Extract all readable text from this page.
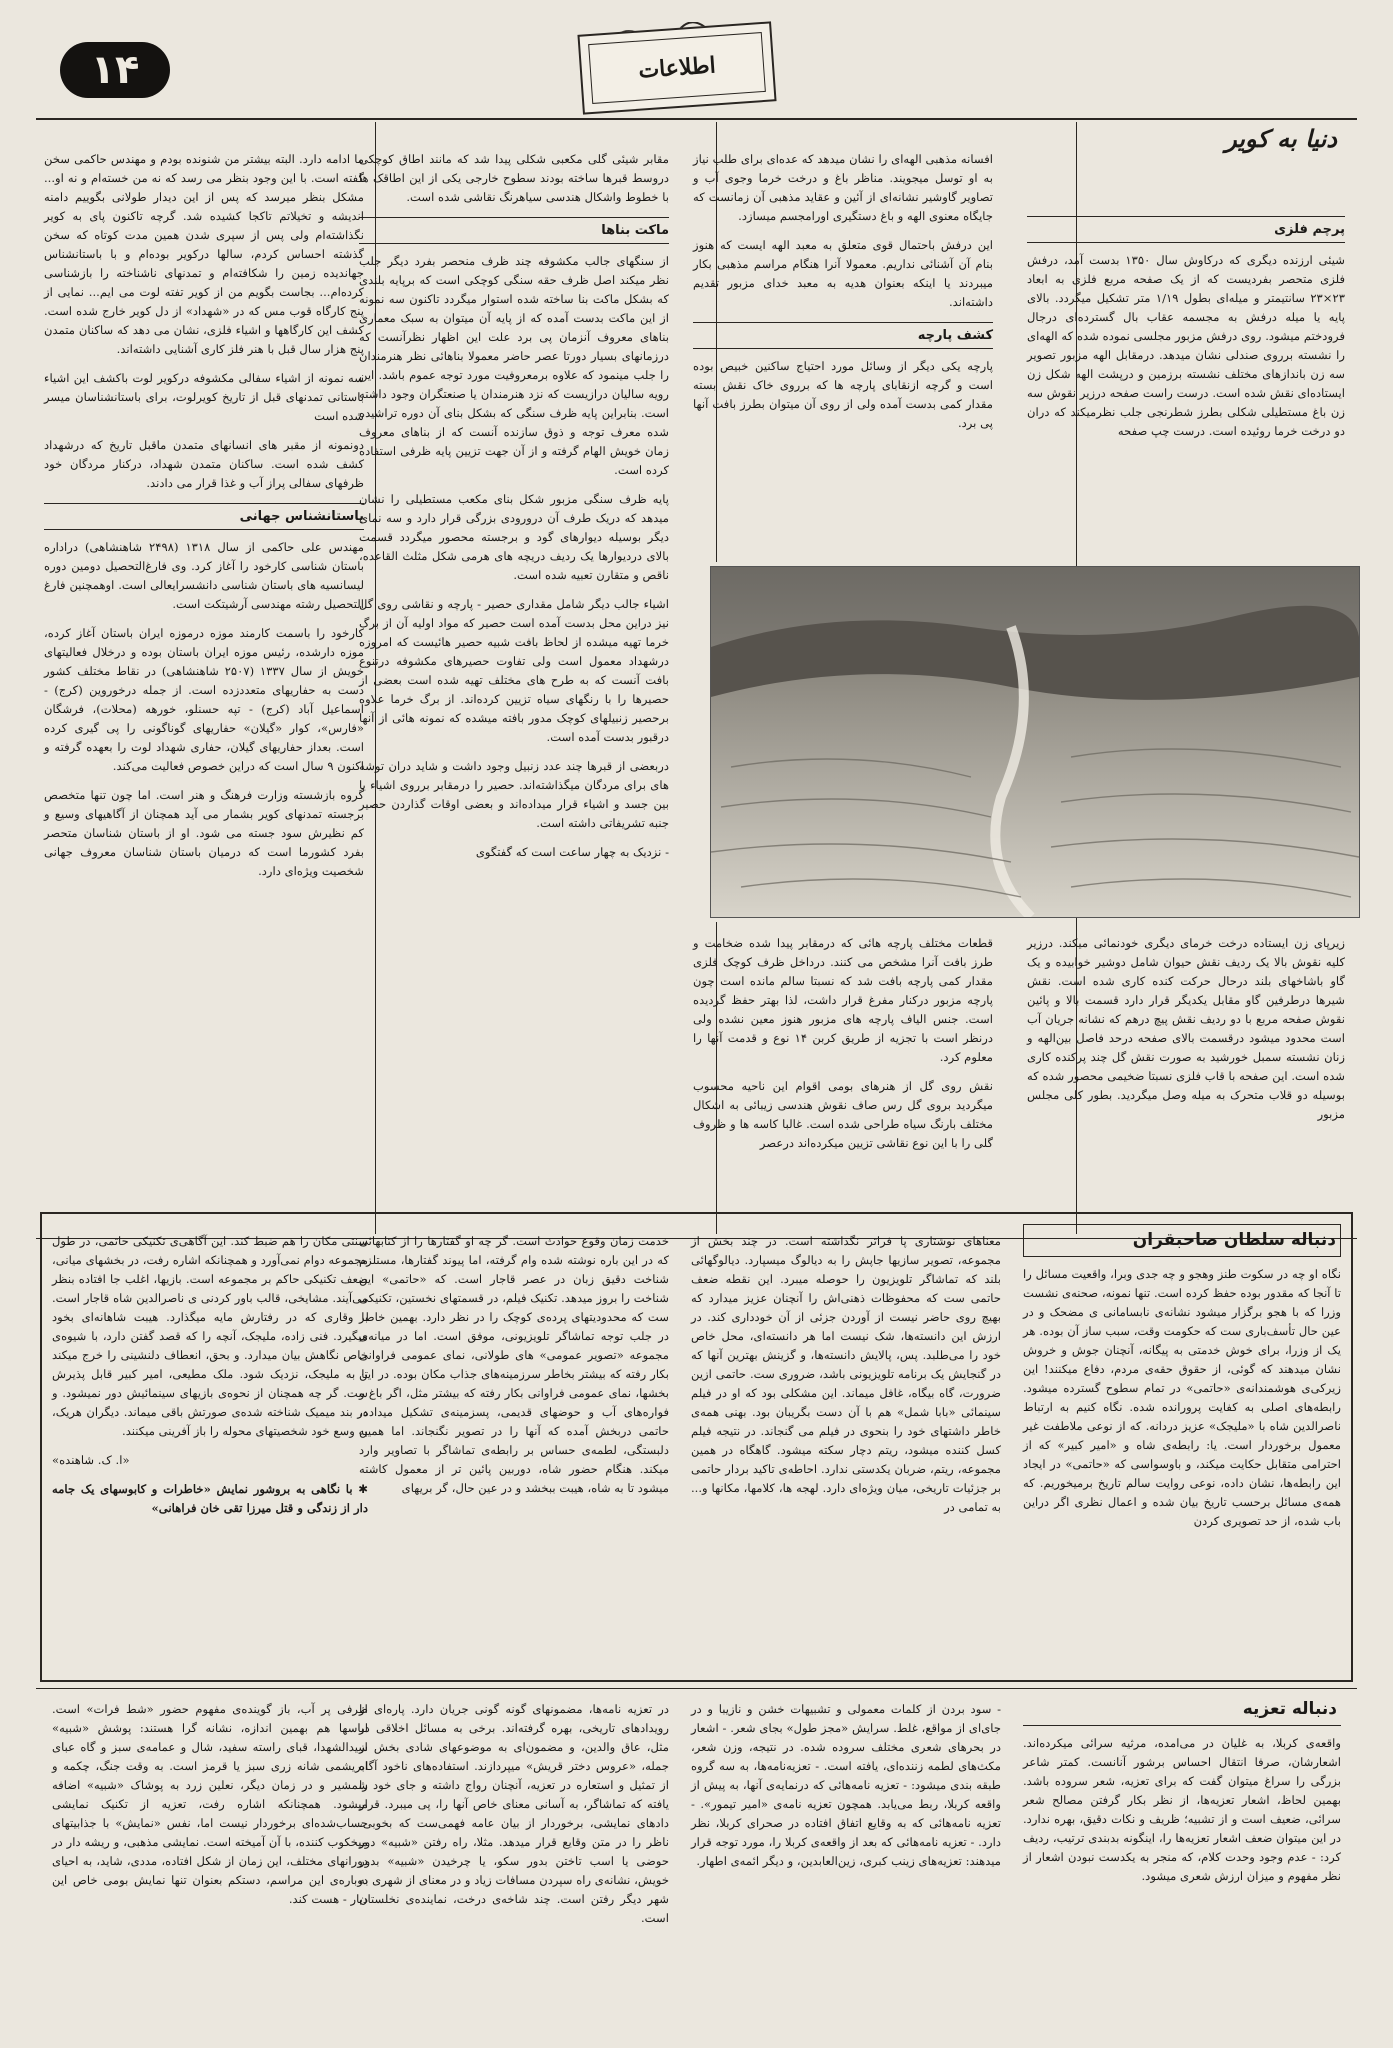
۱۴	اطلاعات
دنیا به کویر
پرچم فلزی

شیئی ارزنده دیگری که درکاوش سال ۱۳۵۰ بدست آمد، درفش فلزی متحصر بفردیست که از یک صفحه مربع فلزی به ابعاد ۲۳×۲۳ سانتیمتر و میله‌ای بطول ۱/۱۹ متر تشکیل میگردد. بالای پایه یا میله درفش به مجسمه عقاب بال گسترده‌ای درجال فرودختم میشود. روی درفش مزبور مجلسی نموده شده که الهه‌ای را نشسته برروی صندلی نشان میدهد. درمقابل الهه مزبور تصویر سه زن بانداز‌های مختلف نشسته برزمین و درپشت الهه شکل زن ایستاده‌ای نقش شده است. درست راست صفحه درزیر نقوش سه زن باغ مستطیلی شکلی بطرز شطرنجی جلب نظرمیکند که دران دو درخت خرما روئیده است. درست چپ صفحه

زیرپای زن ایستاده درخت خرمای دیگری خودنمائی میکند. درزیر کلیه نقوش بالا یک ردیف نقش حیوان شامل دوشیر خوابیده و یک گاو باشاخهای بلند درحال حرکت کنده کاری شده است. نقش شیرها درطرفین گاو مقابل یکدیگر قرار دارد قسمت بالا و پائین نقوش صفحه مربع با دو ردیف نقش پیچ درهم که نشانه جریان آب است محدود میشود درقسمت بالای صفحه درحد فاصل بین‌الهه و زنان نشسته سمبل خورشید به صورت نقش گل چند پرکنده کاری شده است. این صفحه با قاب فلزی نسبتا ضخیمی محصور شده که بوسیله دو قلاب متحرک به میله وصل میگردید. بطور کلی مجلس مزبور

افسانه مذهبی الهه‌ای را نشان میدهد که عده‌ای برای طلب نیاز به او توسل میجویند. مناظر باغ و درخت خرما وجوی آب و تصاویر گاوشیر نشانه‌ای از آئین و عقاید مذهبی آن زمانست که جایگاه معنوی الهه و باغ دستگیری اورامجسم میسازد.

این درفش باحتمال قوی متعلق به معبد الهه ایست که هنوز بنام آن آشنائی نداریم. معمولا آنرا هنگام مراسم مذهبی بکار میبردند یا اینکه بعنوان هدیه به معبد خدای مزبور تقدیم داشته‌اند.

کشف پارچه

پارچه یکی دیگر از وسائل مورد احتیاج ساکنین خبیص بوده است و گرچه ازنقابای پارچه ها که برروی خاک نقش بسته مقدار کمی بدست آمده ولی از روی آن میتوان بطرز بافت آنها پی برد.

قطعات مختلف پارچه هائی که درمقابر پیدا شده ضخامت و طرز بافت آنرا مشخص می کنند. درداخل ظرف کوچک فلزی مقدار کمی پارچه بافت شد که نسبتا سالم مانده است چون پارچه مزبور درکنار مفرغ قرار داشت، لذا بهتر حفظ گردیده است. جنس الیاف پارچه های مزبور هنوز معین نشده ولی درنظر است با تجزیه از طریق کربن ۱۴ نوع و قدمت آنها را معلوم کرد.

نقش روی گل از هنرهای بومی اقوام این ناحیه محسوب میگردید بروی گل رس صاف نقوش هندسی زیبائی به اشکال مختلف بارنگ سیاه طراحی شده است. غالبا کاسه ها و ظروف گلی را با این نوع نقاشی تزیین میکرده‌اند درعصر

مقابر شیئی گلی مکعبی شکلی پیدا شد که مانند اطاق کوچکی دروسط قبرها ساخته بودند سطوح خارجی یکی از این اطاقک ها با خطوط واشکال هندسی سیاهرنگ نقاشی شده است.

ماکت بناها

از سنگهای جالب مکشوفه چند ظرف منحصر بفرد دیگر جلب نظر میکند اصل ظرف حقه سنگی کوچکی است که برپایه بلندی که بشکل ماکت بنا ساخته شده استوار میگردد تاکنون سه نمونه از این ماکت بدست آمده که از پایه آن میتوان به سبک معماری بناهای معروف آنزمان پی برد علت این اظهار نظرآنست که درزمانهای بسیار دورتا عصر حاضر معمولا بناهائی نظر هنرمندان را جلب مینمود که علاوه برمعروفیت مورد توجه عموم باشد. این رویه سالیان درازیست که نزد هنرمندان یا صنعتگران وجود داشته است. بنابراین پایه ظرف سنگی که بشکل بنای آن دوره تراشیده شده معرف توجه و ذوق سازنده آنست که از بناهای معروف زمان خویش الهام گرفته و از آن جهت تزیین پایه ظرفی استفاده کرده است.

پایه ظرف سنگی مزبور شکل بنای مکعب مستطیلی را نشان میدهد که دریک طرف آن درورودی بزرگی قرار دارد و سه نمای دیگر بوسیله دیوارهای گود و برجسته محصور میگردد قسمت بالای دردیوارها یک ردیف دریچه های هرمی شکل مثلث القاعده، ناقص و متقارن تعبیه شده است.

اشیاء جالب دیگر شامل مقداری حصیر - پارچه و نقاشی روی گل نیز دراین محل بدست آمده است حصیر که مواد اولیه آن از برگ خرما تهیه میشده از لحاظ بافت شبیه حصیر هائیست که امروزه درشهداد معمول است ولی تفاوت حصیرهای مکشوفه درتنوع بافت آنست که به طرح های مختلف تهیه شده است بعضی از حصیرها را با رنگهای سیاه تزیین کرده‌اند. از برگ خرما علاوه برحصیر زنبیلهای کوچک مدور بافته میشده که نمونه هائی از آنها درقبور بدست آمده است.

دربعضی از قبرها چند عدد زنبیل وجود داشت و شاید دران توشه های برای مردگان میگذاشته‌اند. حصیر را درمقابر برروی اشیاء یا بین جسد و اشیاء قرار میداده‌اند و بعضی اوقات گذاردن حصیر جنبه تشریفاتی داشته است.

- نزدیک به چهار ساعت است که گفتگوی

ما ادامه دارد. البته بیشتر من شنونده بودم و مهندس حاکمی سخن گفته است. با این وجود بنظر می رسد که نه من خسته‌ام و نه او... مشکل بنظر میرسد که پس از این دیدار طولانی بگوییم دامنه اندیشه و تخیلاتم تاکجا کشیده شد. گرچه تاکنون پای به کویر نگذاشته‌ام ولی پس از سپری شدن همین مدت کوتاه که سخن گذشته احساس کردم، سالها درکویر بوده‌ام و با باستانشناس جهاندیده زمین را شکافته‌ام و تمدنهای ناشناخته را بازشناسی کرده‌ام... بجاست بگویم من از کویر تفته لوت می ایم... نمایی از پنج کارگاه قوب مس که در «شهداد» از دل کویر خارج شده است. کشف این کارگاهها و اشیاء فلزی، نشان می دهد که ساکنان متمدن پنج هزار سال قبل با هنر فلز کاری آشنایی داشته‌اند.

سه نمونه از اشیاء سفالی مکشوفه درکویر لوت باکشف این اشیاء باستانی تمدنهای قبل از تاریخ کویرلوت، برای باستانشناسان میسر شده است

دونمونه از مقبر های انسانهای متمدن ماقبل تاریخ که درشهداد کشف شده است. ساکنان متمدن شهداد، درکنار مردگان خود ظرفهای سفالی پراز آب و غذا قرار می دادند.

باستانشناس جهانی

مهندس علی حاکمی از سال ۱۳۱۸ (۲۴۹۸ شاهنشاهی) دراداره باستان شناسی کارخود را آغاز کرد. وی فارغ‌التحصیل دومین دوره لیسانسیه های باستان شناسی دانشسرایعالی است. اوهمچنین فارغ التحصیل رشته مهندسی آرشیتکت است.

کارخود را باسمت کارمند موزه درموزه ایران باستان آغاز کرده، موزه دارشده، رئیس موزه ایران باستان بوده و درخلال فعالیتهای خویش از سال ۱۳۳۷ (۲۵۰۷ شاهنشاهی) در نقاط مختلف کشور دست به حفاریهای متعددزده است. از جمله درخوروین (کرج) - اسماعیل آباد (کرج) - تپه حسنلو، خورهه (محلات)، فرشگان «فارس»، کوار «گیلان» حفاریهای گوناگونی را پی گیری کرده است. بعداز حفاریهای گیلان، حفاری شهداد لوت را بعهده گرفته و اکنون ۹ سال است که دراین خصوص فعالیت می‌کند.

گروه بازشسته وزارت فرهنگ و هنر است. اما چون تنها متخصص برجسته تمدنهای کویر بشمار می آید همچنان از آگاهیهای وسیع و کم نظیرش سود جسته می شود. او از باستان شناسان متحصر بفرد کشورما است که درمیان باستان شناسان معروف جهانی شخصیت ویژه‌ای دارد.

دنباله سلطان صاحبقران

نگاه او چه در سکوت طنز وهجو و چه جدی وبرا، واقعیت مسائل را تا آنجا که مقدور بوده حفظ کرده است. تنها نمونه، صحنه‌ی نشست وزرا که با هجو برگزار میشود نشانه‌ی نابسامانی ی مضحک و در عین حال تأسف‌باری ست که حکومت وقت، سبب ساز آن بوده. هر یک از وزرا، برای خوش خدمتی به پیگانه، آنچنان جوش و خروش نشان میدهند که گوئی، از حقوق حقه‌ی مردم، دفاع میکنند! این زیرکی‌ی هوشمندانه‌ی «حاتمی» در تمام سطوح گسترده میشود. رابطه‌های اصلی به کفایت پرورانده شده. نگاه کنیم به ارتباط ناصرالدین شاه با «ملیجک» عزیز دردانه. که از نوعی ملاطفت غیر معمول برخوردار است. یا: رابطه‌ی شاه و «امیر کبیر» که از احترامی متقابل حکایت میکند، و باوسواسی که «حاتمی» در ایجاد این رابطه‌ها، نشان داده، نوعی روایت سالم تاریخ برمیخوریم. که همه‌ی مسائل برحسب تاریخ بیان شده و اعمال نظری اگر دراین باب شده، از حد تصویری کردن

معناهای نوشتاری پا فراتر نگذاشته است. در چند بخش از مجموعه، تصویر سازیها جاپش را به دیالوگ میسپارد. دیالوگهائی بلند که تماشاگر تلویزیون را حوصله میبرد. این نقطه ضعف حاتمی ست که محفوظات ذهنی‌اش را آنچنان عزیز میدارد که بهیچ روی حاضر نیست از آوردن جزئی از آن خودداری کند. در ارزش این دانسته‌ها، شک نیست اما هر دانسته‌ای، محل خاص خود را می‌طلبد. پس، پالایش دانسته‌ها، و گزینش بهترین آنها که در گنجایش یک برنامه تلویزیونی باشد، ضروری ست. حاتمی ازین ضرورت، گاه بیگاه، غافل میماند. این مشکلی بود که او در فیلم سینمائی «بابا شمل» هم با آن دست بگریبان بود. بهنی همه‌ی خاطر داشتهای خود را بنحوی در فیلم می گنجاند. در نتیجه فیلم کسل کننده میشود، ریتم دچار سکته میشود. گاهگاه در همین مجموعه، ریتم، ضربان یکدستی ندارد. احاطه‌ی تاکید بردار حاتمی بر جزئیات تاریخی، میان ویژه‌ای دارد. لهجه ها، کلامها، مکانها و... به تمامی در

خدمت زمان وقوع حوادث است. گر چه او گفتارها را از کتابهائی که در این باره نوشته شده وام گرفته، اما پیوند گفتارها، مستلزم شناخت دقیق زبان در عصر قاجار است. که «حاتمی» این شناخت را بروز میدهد. تکنیک فیلم، در قسمتهای نخستین، تکنیکی ست که محدودیتهای پرده‌ی کوچک را در نظر دارد. بهمین خاطر در جلب توجه تماشاگر تلویزیونی، موفق است. اما در میانه‌ی مجموعه «تصویر عمومی» های طولانی، نمای عمومی فراوانی بکار رفته که بیشتر بخاطر سرزمینه‌های جذاب مکان بوده. در این بخشها، نمای عمومی فراوانی بکار رفته که بیشتر مثل، اگر باغ و فواره‌های آب و حوضهای قدیمی، پسزمینه‌ی تشکیل میداده، حاتمی دربخش آمده که آنها را در تصویر نگنجاند. اما همین دلبستگی، لطمه‌ی حساس بر رابطه‌ی تماشاگر با تصاویر وارد میکند. هنگام حضور شاه، دوربین پائین تر از معمول کاشته میشود تا به شاه، هیبت ببخشد و در عین حال، گر بریهای

سنتی مکان را هم ضبط کند. این آگاهی‌ی تکنیکی حاتمی، در طول مجموعه دوام نمی‌آورد و همچنانکه اشاره رفت، در بخشهای میانی، ضعف تکنیکی حاکم بر مجموعه است. بازیها، اغلب جا افتاده بنظر می‌آیند. مشایخی، قالب باور کردنی ی ناصرالدین شاه قاجار است. با وقاری که در رفتارش مایه میگذارد. هیبت شاهانه‌ای بخود میگیرد. فنی زاده، ملیجک، آنچه را که قصد گفتن دارد، با شیوه‌ی خاص نگاهش بیان میدارد. و بحق، انعطاف دلنشینی را خرج میکند تا به ملیجک، نزدیک شود. ملک مطیعی، امیر کبیر قابل پذیرش ست. گر چه همچنان از نحوه‌ی بازیهای سینمائیش دور نمیشود. و در بند میمیک شناخته شده‌ی صورتش باقی میماند. دیگران هریک، به وسع خود شخصیتهای محوله را باز آفرینی میکنند.

«ا. ک. شاهنده»

✱ با نگاهی به بروشور نمایش «خاطرات و کابوسهای یک جامه دار از زندگی و قتل میرزا تقی خان فراهانی»

دنباله تعزیه

واقعه‌ی کربلا، به غلیان در می‌امده، مرثیه سرائی میکرده‌اند. اشعارشان، صرفا انتقال احساس برشور آنانست. کمتر شاعر بزرگی را سراغ میتوان گفت که برای تعزیه، شعر سروده باشد. بهمین لحاظ، اشعار تعزیه‌ها، از نظر بکار گرفتن مصالح شعر سرائی، ضعیف است و از تشبیه؛ ظریف و نکات دقیق، بهره ندارد. در این میتوان ضعف اشعار تعزیه‌ها را، اینگونه بدبندی ترتیب، ردیف کرد: - عدم وجود وحدت کلام، که منجر به یکدست نبودن اشعار از نظر مفهوم و میزان ارزش شعری میشود.

- سود بردن از کلمات معمولی و تشبیهات خشن و نازیبا و در جای‌ای از مواقع، غلط. سرایش «مجز طول» بجای شعر. - اشعار در بحرهای شعری مختلف سروده شده. در نتیجه، وزن شعر، مکث‌های لطمه زننده‌ای، یافته است. - تعزیه‌نامه‌ها، به سه گروه طبقه بندی میشود: - تعزیه نامه‌هائی که درنمایه‌ی آنها، به پیش از واقعه کربلا، ربط می‌یابد. همچون تعزیه نامه‌ی «امیر تیمور». - تعزیه نامه‌هائی که به وقایع اتفاق افتاده در صحرای کربلا، نظر دارد. - تعزیه نامه‌هائی که بعد از واقعه‌ی کربلا را، مورد توجه قرار میدهند: تعزیه‌های زینب کبری، زین‌العابدین، و دیگر ائمه‌ی اطهار.

در تعزیه نامه‌ها، مضمونهای گونه گونی جریان دارد. پاره‌ای از رویدادهای تاریخی، بهره گرفته‌اند. برخی به مسائل اخلاقی در مثل، عاق والدین، و مضمون‌ای به موضوعهای شادی بخش از جمله، «عروس دختر قریش» میپردازند. استفاده‌های ناخود آگاه از تمثیل و استعاره در تعزیه، آنچنان رواج داشته و جای خود را یافته که تماشاگر، به آسانی معنای خاص آنها را، پی میبرد. قرار دادهای نمایشی، برخوردار از بیان عامه فهمی‌ست که بخوبی، ناظر را در متن وقایع قرار میدهد. مثلا، راه رفتن «شبیه» دور حوضی یا اسب تاختن بدور سکو، یا چرخیدن «شبیه» بدور خویش، نشانه‌ی راه سپردن مسافات زیاد و در معنای از شهری به شهر دیگر رفتن است. چند شاخه‌ی درخت، نماینده‌ی نخلستان است.

ظرفی پر آب، باز گوینده‌ی مفهوم حضور «شط فرات» است. لباسها هم بهمین اندازه، نشانه گرا هستند: پوشش «شبیه» سیدالشهدا، قبای راسته سفید، شال و عمامه‌ی سبز و گاه عبای ابریشمی شانه زری سبز یا قرمز است. به وقت جنگ، چکمه و شمشیر و در زمان دیگر، نعلین زرد به پوشاک «شبیه» اضافه میشود. همچنانکه اشاره رفت، تعزیه از تکنیک نمایشی حساب‌شده‌ای برخوردار نیست اما، نفس «نمایش» با جذابیتهای میخکوب کننده، با آن آمیخته است. نمایشی مذهبی، و ریشه دار در دورانهای مختلف، این زمان از شکل افتاده، مددی، شاید، به احیای دوباره‌ی این مراسم، دستکم بعنوان تنها نمایش بومی خاص این دیار - هست کند.
